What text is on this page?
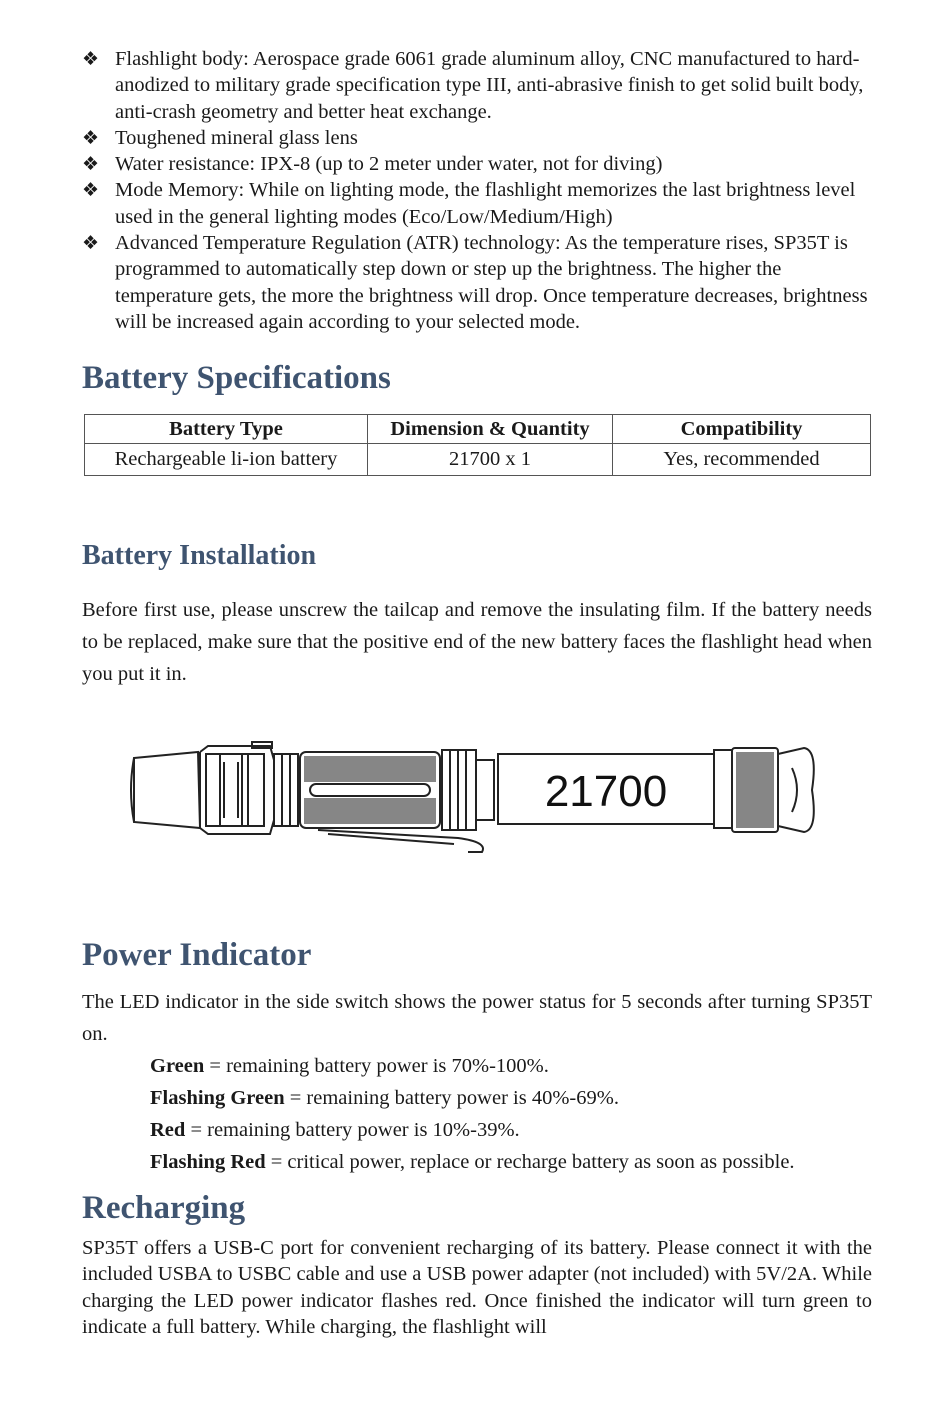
❖ Flashlight body: Aerospace grade 6061 grade aluminum alloy, CNC manufactured to hard-anodized to military grade specification type III, anti-abrasive finish to get solid built body, anti-crash geometry and better heat exchange.
❖ Toughened mineral glass lens
❖ Water resistance: IPX-8 (up to 2 meter under water, not for diving)
❖ Mode Memory: While on lighting mode, the flashlight memorizes the last brightness level used in the general lighting modes (Eco/Low/Medium/High)
❖ Advanced Temperature Regulation (ATR) technology: As the temperature rises, SP35T is programmed to automatically step down or step up the brightness. The higher the temperature gets, the more the brightness will drop. Once temperature decreases, brightness will be increased again according to your selected mode.
Battery Specifications
Battery Type	Dimension & Quantity	Compatibility
Rechargeable li-ion battery	21700 x 1	Yes, recommended
Battery Installation

Before first use, please unscrew the tailcap and remove the insulating film. If the battery needs to be replaced, make sure that the positive end of the new battery faces the flashlight head when you put it in.

21700
Power Indicator

The LED indicator in the side switch shows the power status for 5 seconds after turning SP35T on.

Green = remaining battery power is 70%-100%.
Flashing Green = remaining battery power is 40%-69%.
Red = remaining battery power is 10%-39%.
Flashing Red = critical power, replace or recharge battery as soon as possible.
Recharging

SP35T offers a USB-C port for convenient recharging of its battery. Please connect it with the included USBA to USBC cable and use a USB power adapter (not included) with 5V/2A. While charging the LED power indicator flashes red. Once finished the indicator will turn green to indicate a full battery. While charging, the flashlight will
